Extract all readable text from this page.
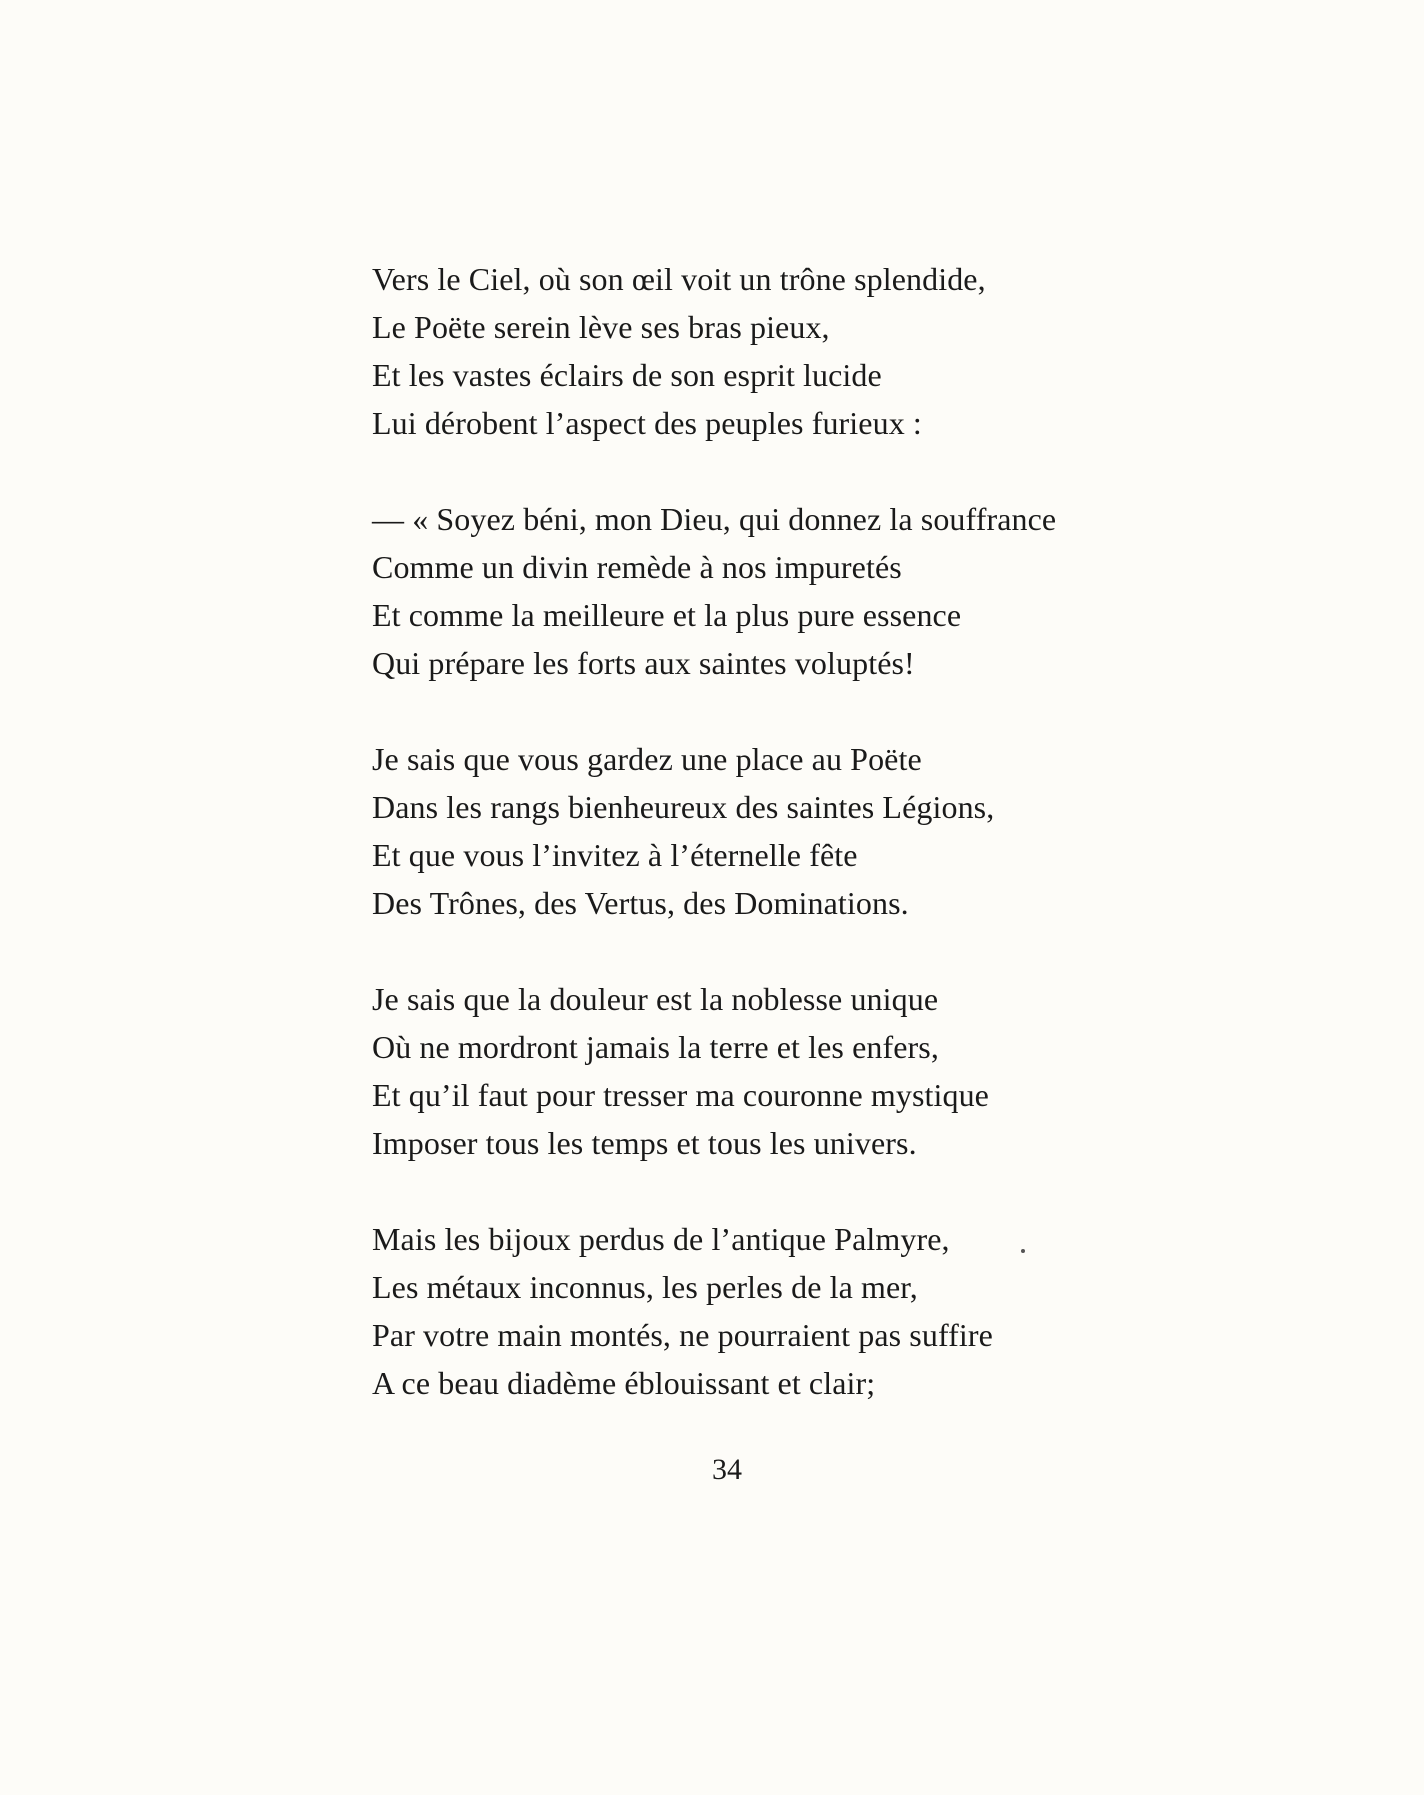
Vers le Ciel, où son œil voit un trône splendide,
Le Poëte serein lève ses bras pieux,
Et les vastes éclairs de son esprit lucide
Lui dérobent l’aspect des peuples furieux :
— « Soyez béni, mon Dieu, qui donnez la souffrance
Comme un divin remède à nos impuretés
Et comme la meilleure et la plus pure essence
Qui prépare les forts aux saintes voluptés!
Je sais que vous gardez une place au Poëte
Dans les rangs bienheureux des saintes Légions,
Et que vous l’invitez à l’éternelle fête
Des Trônes, des Vertus, des Dominations.
Je sais que la douleur est la noblesse unique
Où ne mordront jamais la terre et les enfers,
Et qu’il faut pour tresser ma couronne mystique
Imposer tous les temps et tous les univers.
Mais les bijoux perdus de l’antique Palmyre,
Les métaux inconnus, les perles de la mer,
Par votre main montés, ne pourraient pas suffire
A ce beau diadème éblouissant et clair;
34
